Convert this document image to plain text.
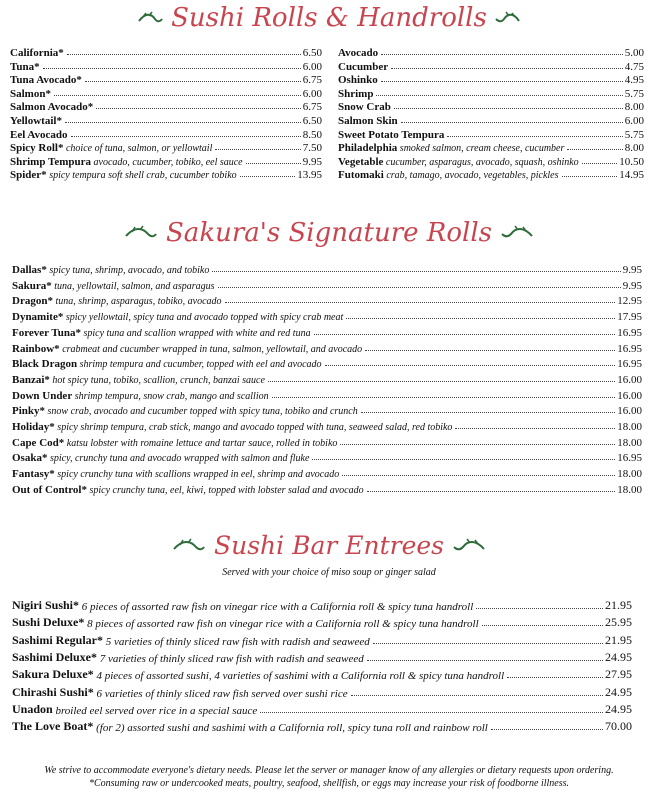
Sushi Rolls & Handrolls
California*	6.50
Tuna*	6.00
Tuna Avocado*	6.75
Salmon*	6.00
Salmon Avocado*	6.75
Yellowtail*	6.50
Eel Avocado	8.50
Spicy Roll* choice of tuna, salmon, or yellowtail	7.50
Shrimp Tempura avocado, cucumber, tobiko, eel sauce	9.95
Spider* spicy tempura soft shell crab, cucumber tobiko	13.95
Avocado	5.00
Cucumber	4.75
Oshinko	4.95
Shrimp	5.75
Snow Crab	8.00
Salmon Skin	6.00
Sweet Potato Tempura	5.75
Philadelphia smoked salmon, cream cheese, cucumber	8.00
Vegetable cucumber, asparagus, avocado, squash, oshinko	10.50
Futomaki crab, tamago, avocado, vegetables, pickles	14.95
Sakura's Signature Rolls
Dallas* spicy tuna, shrimp, avocado, and tobiko	9.95
Sakura* tuna, yellowtail, salmon, and asparagus	9.95
Dragon* tuna, shrimp, asparagus, tobiko, avocado	12.95
Dynamite* spicy yellowtail, spicy tuna and avocado topped with spicy crab meat	17.95
Forever Tuna* spicy tuna and scallion wrapped with white and red tuna	16.95
Rainbow* crabmeat and cucumber wrapped in tuna, salmon, yellowtail, and avocado	16.95
Black Dragon shrimp tempura and cucumber, topped with eel and avocado	16.95
Banzai* hot spicy tuna, tobiko, scallion, crunch, banzai sauce	16.00
Down Under shrimp tempura, snow crab, mango and scallion	16.00
Pinky* snow crab, avocado and cucumber topped with spicy tuna, tobiko and crunch	16.00
Holiday* spicy shrimp tempura, crab stick, mango and avocado topped with tuna, seaweed salad, red tobiko	18.00
Cape Cod* katsu lobster with romaine lettuce and tartar sauce, rolled in tobiko	18.00
Osaka* spicy, crunchy tuna and avocado wrapped with salmon and fluke	16.95
Fantasy* spicy crunchy tuna with scallions wrapped in eel, shrimp and avocado	18.00
Out of Control* spicy crunchy tuna, eel, kiwi, topped with lobster salad and avocado	18.00
Sushi Bar Entrees
Served with your choice of miso soup or ginger salad
Nigiri Sushi* 6 pieces of assorted raw fish on vinegar rice with a California roll & spicy tuna handroll	21.95
Sushi Deluxe* 8 pieces of assorted raw fish on vinegar rice with a California roll & spicy tuna handroll	25.95
Sashimi Regular* 5 varieties of thinly sliced raw fish with radish and seaweed	21.95
Sashimi Deluxe* 7 varieties of thinly sliced raw fish with radish and seaweed	24.95
Sakura Deluxe* 4 pieces of assorted sushi, 4 varieties of sashimi with a California roll & spicy tuna handroll	27.95
Chirashi Sushi* 6 varieties of thinly sliced raw fish served over sushi rice	24.95
Unadon broiled eel served over rice in a special sauce	24.95
The Love Boat* (for 2) assorted sushi and sashimi with a California roll, spicy tuna roll and rainbow roll	70.00
We strive to accommodate everyone's dietary needs. Please let the server or manager know of any allergies or dietary requests upon ordering.
*Consuming raw or undercooked meats, poultry, seafood, shellfish, or eggs may increase your risk of foodborne illness.
